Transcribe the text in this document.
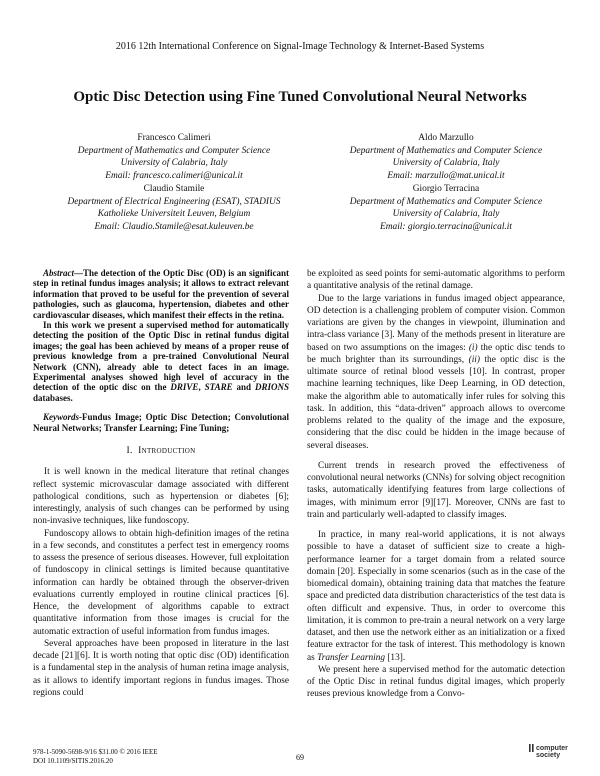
2016 12th International Conference on Signal-Image Technology & Internet-Based Systems
Optic Disc Detection using Fine Tuned Convolutional Neural Networks
Francesco Calimeri
Department of Mathematics and Computer Science
University of Calabria, Italy
Email: francesco.calimeri@unical.it
Aldo Marzullo
Department of Mathematics and Computer Science
University of Calabria, Italy
Email: marzullo@mat.unical.it
Claudio Stamile
Department of Electrical Engineering (ESAT), STADIUS
Katholieke Universiteit Leuven, Belgium
Email: Claudio.Stamile@esat.kuleuven.be
Giorgio Terracina
Department of Mathematics and Computer Science
University of Calabria, Italy
Email: giorgio.terracina@unical.it

Abstract—The detection of the Optic Disc (OD) is an significant step in retinal fundus images analysis; it allows to extract relevant information that proved to be useful for the prevention of several pathologies, such as glaucoma, hypertension, diabetes and other cardiovascular diseases, which manifest their effects in the retina.

In this work we present a supervised method for automatically detecting the position of the Optic Disc in retinal fundus digital images; the goal has been achieved by means of a proper reuse of previous knowledge from a pre-trained Convolutional Neural Network (CNN), already able to detect faces in an image. Experimental analyses showed high level of accuracy in the detection of the optic disc on the DRIVE, STARE and DRIONS databases.

Keywords-Fundus Image; Optic Disc Detection; Convolutional Neural Networks; Transfer Learning; Fine Tuning;
I. Introduction

It is well known in the medical literature that retinal changes reflect systemic microvascular damage associated with different pathological conditions, such as hypertension or diabetes [6]; interestingly, analysis of such changes can be performed by using non-invasive techniques, like fundoscopy.

Fundoscopy allows to obtain high-definition images of the retina in a few seconds, and constitutes a perfect test in emergency rooms to assess the presence of serious diseases. However, full exploitation of fundoscopy in clinical settings is limited because quantitative information can hardly be obtained through the observer-driven evaluations currently employed in routine clinical practices [6]. Hence, the development of algorithms capable to extract quantitative information from those images is crucial for the automatic extraction of useful information from fundus images.

Several approaches have been proposed in literature in the last decade [21][6]. It is worth noting that optic disc (OD) identification is a fundamental step in the analysis of human retina image analysis, as it allows to identify important regions in fundus images. Those regions could

be exploited as seed points for semi-automatic algorithms to perform a quantitative analysis of the retinal damage.

Due to the large variations in fundus imaged object appearance, OD detection is a challenging problem of computer vision. Common variations are given by the changes in viewpoint, illumination and intra-class variance [3]. Many of the methods present in literature are based on two assumptions on the images: (i) the optic disc tends to be much brighter than its surroundings, (ii) the optic disc is the ultimate source of retinal blood vessels [10]. In contrast, proper machine learning techniques, like Deep Learning, in OD detection, make the algorithm able to automatically infer rules for solving this task. In addition, this “data-driven” approach allows to overcome problems related to the quality of the image and the exposure, considering that the disc could be hidden in the image because of several diseases.

Current trends in research proved the effectiveness of convolutional neural networks (CNNs) for solving object recognition tasks, automatically identifying features from large collections of images, with minimum error [9][17]. Moreover, CNNs are fast to train and particularly well-adapted to classify images.

In practice, in many real-world applications, it is not always possible to have a dataset of sufficient size to create a high-performance learner for a target domain from a related source domain [20]. Especially in some scenarios (such as in the case of the biomedical domain), obtaining training data that matches the feature space and predicted data distribution characteristics of the test data is often difficult and expensive. Thus, in order to overcome this limitation, it is common to pre-train a neural network on a very large dataset, and then use the network either as an initialization or a fixed feature extractor for the task of interest. This methodology is known as Transfer Learning [13].

We present here a supervised method for the automatic detection of the Optic Disc in retinal fundus digital images, which properly reuses previous knowledge from a Convo-

978-1-5090-5698-9/16 $31.00 © 2016 IEEE
DOI 10.1109/SITIS.2016.20	69
computer
society
